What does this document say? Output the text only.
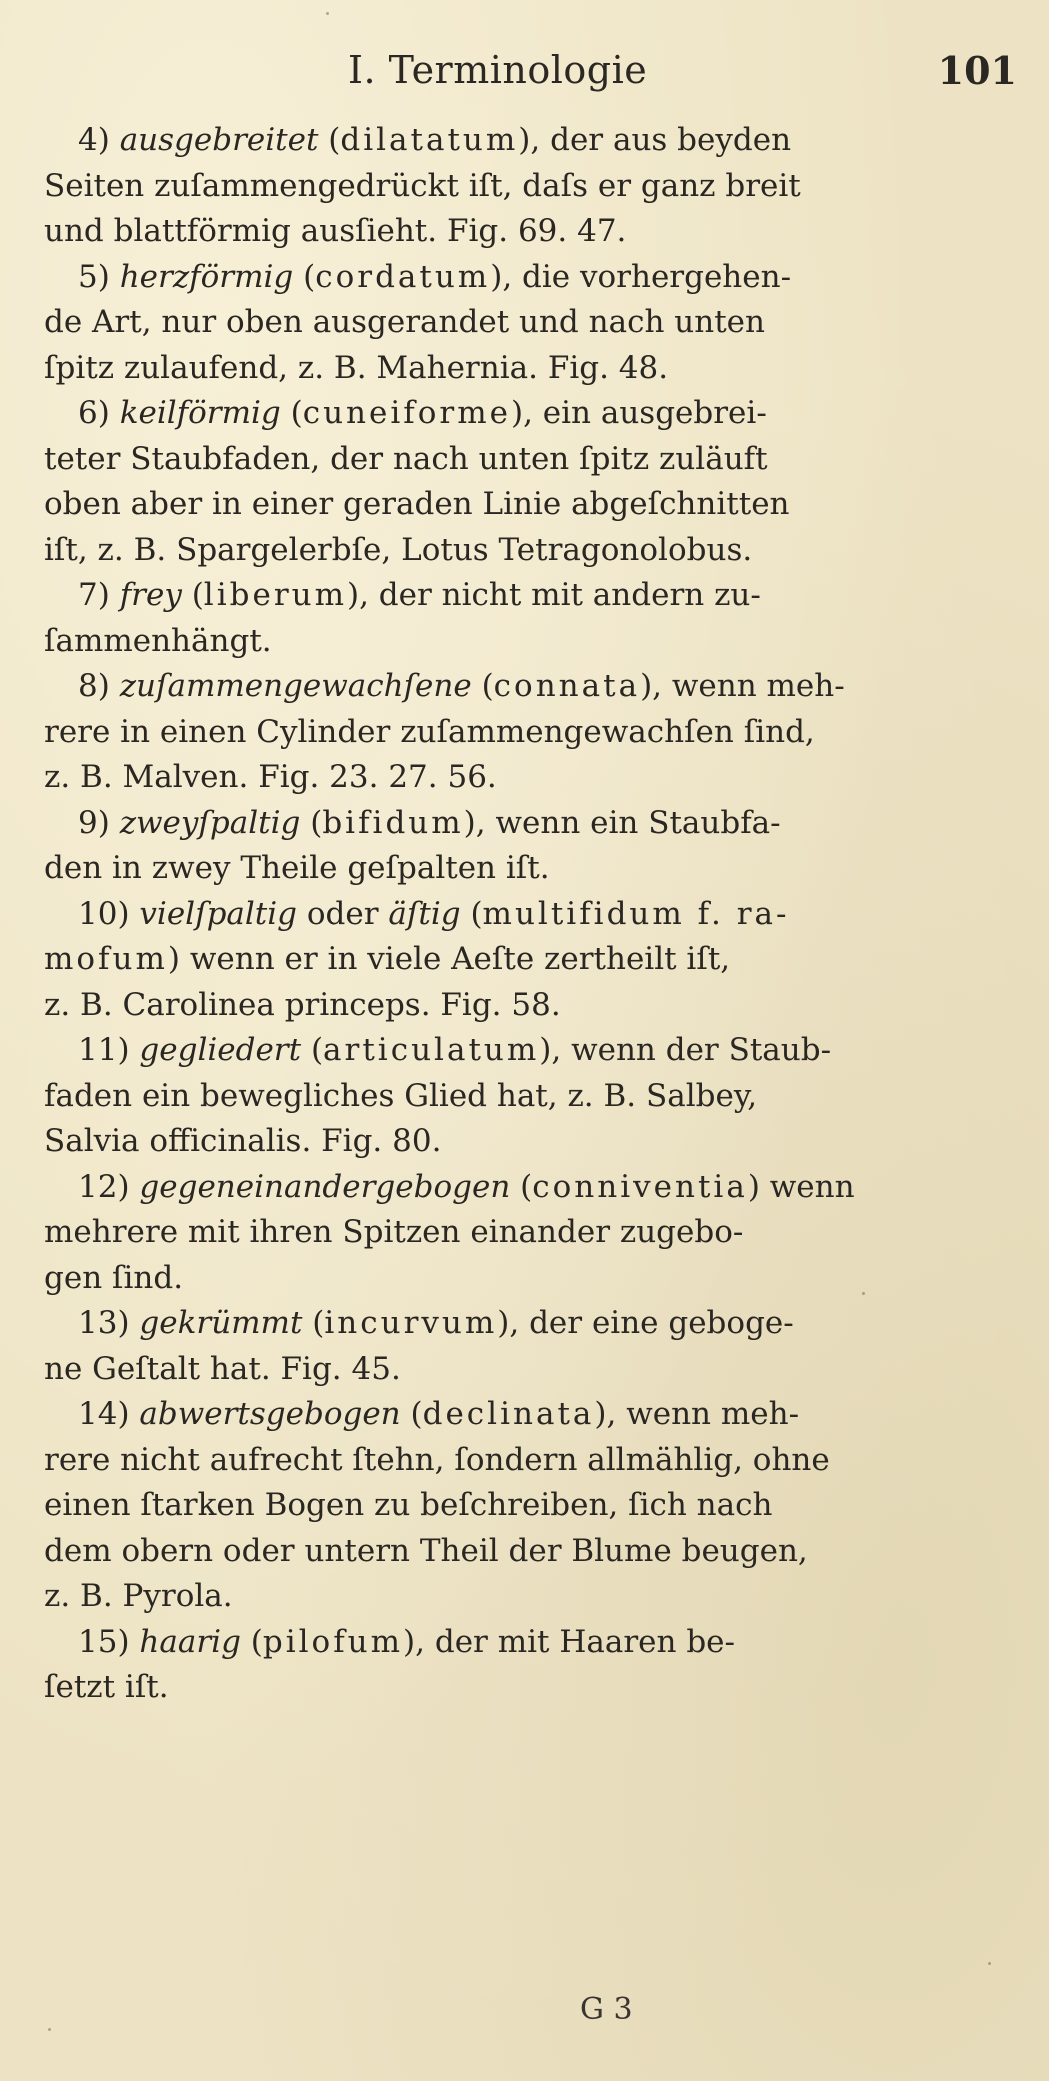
I. Terminologie	101

4) ausgebreitet (dilatatum), der aus beyden
Seiten zuſammengedrückt iſt, daſs er ganz breit
und blattförmig ausſieht. Fig. 69. 47.

5) herzförmig (cordatum), die vorhergehen-
de Art, nur oben ausgerandet und nach unten
ſpitz zulaufend, z. B. Mahernia. Fig. 48.

6) keilförmig (cuneiforme), ein ausgebrei-
teter Staubfaden, der nach unten ſpitz zuläuft
oben aber in einer geraden Linie abgeſchnitten
iſt, z. B. Spargelerbſe, Lotus Tetragonolobus.

7) frey (liberum), der nicht mit andern zu-
ſammenhängt.

8) zuſammengewachſene (connata), wenn meh-
rere in einen Cylinder zuſammengewachſen ſind,
z. B. Malven. Fig. 23. 27. 56.

9) zweyſpaltig (bifidum), wenn ein Staubfa-
den in zwey Theile geſpalten iſt.

10) vielſpaltig oder äſtig (multifidum f. ra-
mofum) wenn er in viele Aeſte zertheilt iſt,
z. B. Carolinea princeps. Fig. 58.

11) gegliedert (articulatum), wenn der Staub-
faden ein bewegliches Glied hat, z. B. Salbey,
Salvia officinalis. Fig. 80.

12) gegeneinandergebogen (conniventia) wenn
mehrere mit ihren Spitzen einander zugebo-
gen ſind.

13) gekrümmt (incurvum), der eine geboge-
ne Geſtalt hat. Fig. 45.

14) abwertsgebogen (declinata), wenn meh-
rere nicht aufrecht ſtehn, ſondern allmählig, ohne
einen ſtarken Bogen zu beſchreiben, ſich nach
dem obern oder untern Theil der Blume beugen,
z. B. Pyrola.

15) haarig (pilofum), der mit Haaren be-
ſetzt iſt.

G 3
